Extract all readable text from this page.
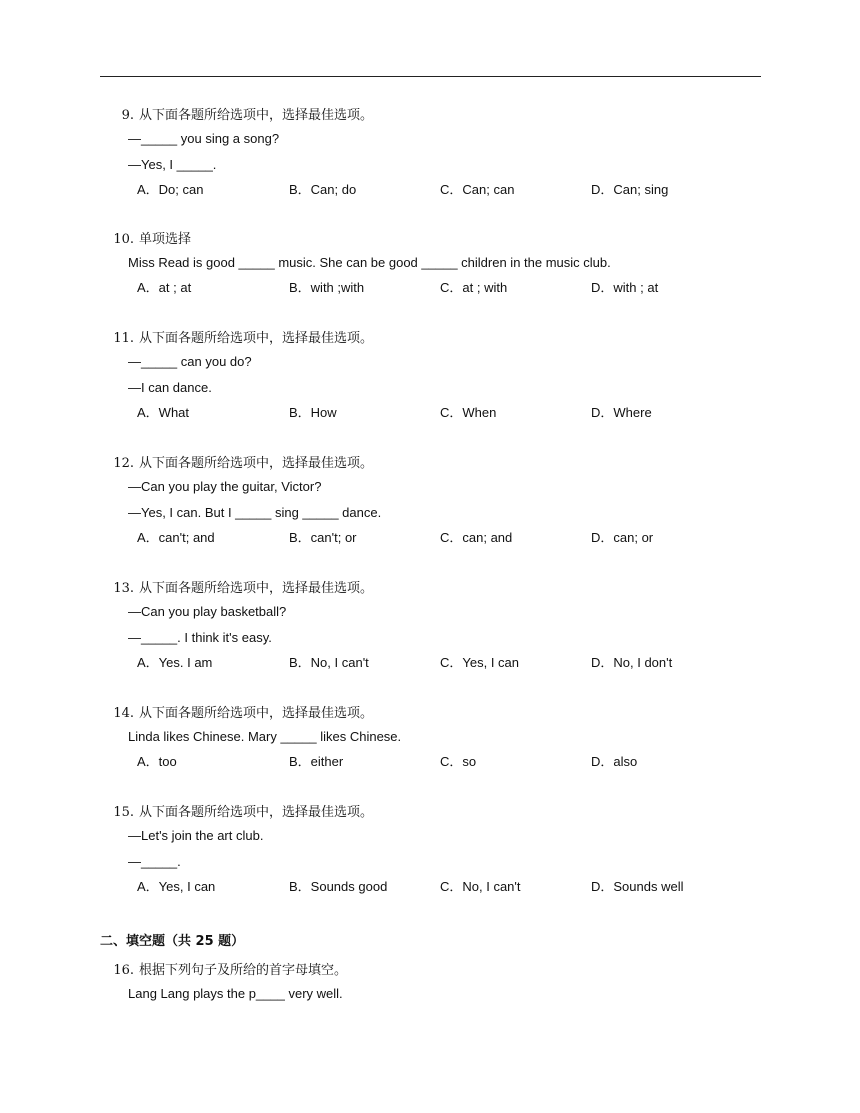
9. 从下面各题所给选项中，选择最佳选项。
—_____ you sing a song?
—Yes, I _____.
A．Do; can	B．Can; do	C．Can; can	D．Can; sing
10. 单项选择
Miss Read is good _____ music. She can be good _____ children in the music club.
A．at ; at	B．with ;with	C．at ; with	D．with ; at
11. 从下面各题所给选项中，选择最佳选项。
—_____ can you do?
—I can dance.
A．What	B．How	C．When	D．Where
12. 从下面各题所给选项中，选择最佳选项。
—Can you play the guitar, Victor?
—Yes, I can. But I _____ sing _____ dance.
A．can't; and	B．can't; or	C．can; and	D．can; or
13. 从下面各题所给选项中，选择最佳选项。
—Can you play basketball?
—_____. I think it's easy.
A．Yes. I am	B．No, I can't	C．Yes, I can	D．No, I don't
14. 从下面各题所给选项中，选择最佳选项。
Linda likes Chinese. Mary _____ likes Chinese.
A．too	B．either	C．so	D．also
15. 从下面各题所给选项中，选择最佳选项。
—Let's join the art club.
—_____.
A．Yes, I can	B．Sounds good	C．No, I can't	D．Sounds well
二、填空题（共 25 题）
16. 根据下列句子及所给的首字母填空。
Lang Lang plays the p____ very well.
